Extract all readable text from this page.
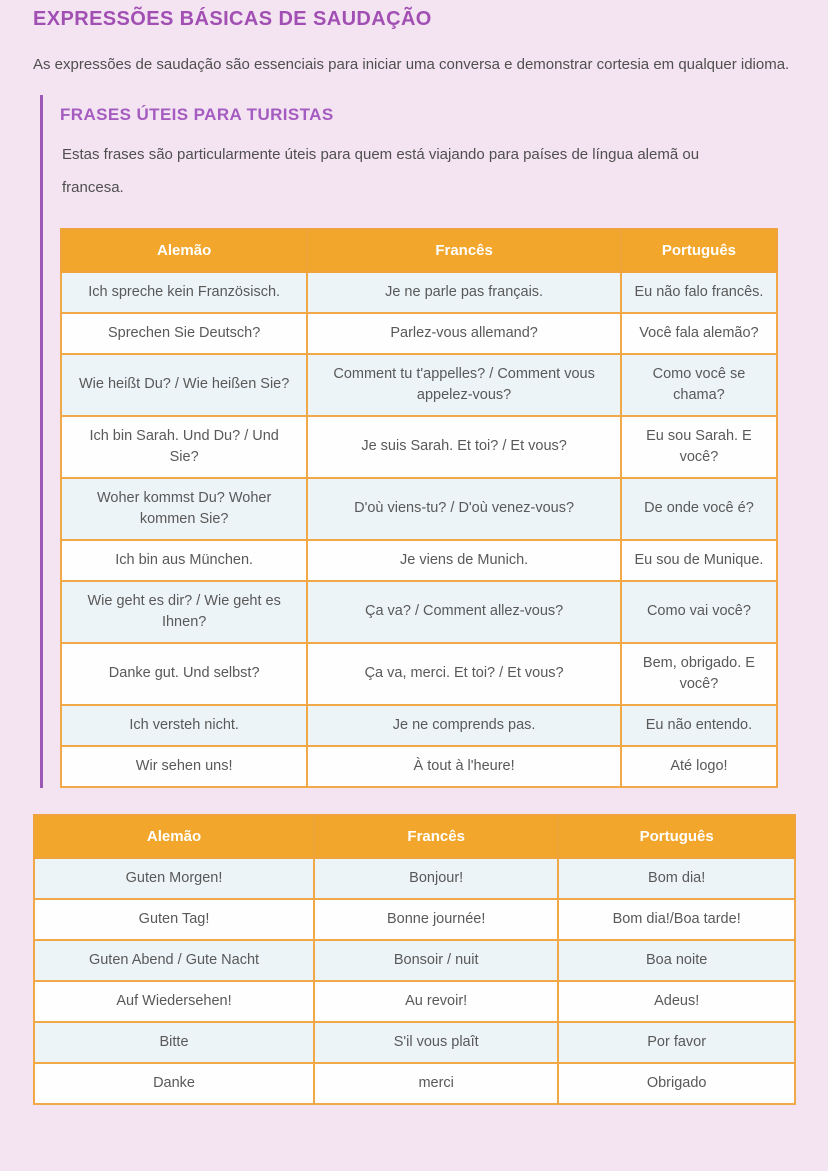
EXPRESSÕES BÁSICAS DE SAUDAÇÃO

As expressões de saudação são essenciais para iniciar uma conversa e demonstrar cortesia em qualquer idioma.

FRASES ÚTEIS PARA TURISTAS

Estas frases são particularmente úteis para quem está viajando para países de língua alemã ou francesa.

Alemão	Francês	Português
Ich spreche kein Französisch.	Je ne parle pas français.	Eu não falo francês.
Sprechen Sie Deutsch?	Parlez-vous allemand?	Você fala alemão?
Wie heißt Du? / Wie heißen Sie?	Comment tu t'appelles? / Comment vous appelez-vous?	Como você se chama?
Ich bin Sarah. Und Du? / Und Sie?	Je suis Sarah. Et toi? / Et vous?	Eu sou Sarah. E você?
Woher kommst Du? Woher kommen Sie?	D'où viens-tu? / D'où venez-vous?	De onde você é?
Ich bin aus München.	Je viens de Munich.	Eu sou de Munique.
Wie geht es dir? / Wie geht es Ihnen?	Ça va? / Comment allez-vous?	Como vai você?
Danke gut. Und selbst?	Ça va, merci. Et toi? / Et vous?	Bem, obrigado. E você?
Ich versteh nicht.	Je ne comprends pas.	Eu não entendo.
Wir sehen uns!	À tout à l'heure!	Até logo!
Alemão	Francês	Português
Guten Morgen!	Bonjour!	Bom dia!
Guten Tag!	Bonne journée!	Bom dia!/Boa tarde!
Guten Abend / Gute Nacht	Bonsoir / nuit	Boa noite
Auf Wiedersehen!	Au revoir!	Adeus!
Bitte	S'il vous plaît	Por favor
Danke	merci	Obrigado
